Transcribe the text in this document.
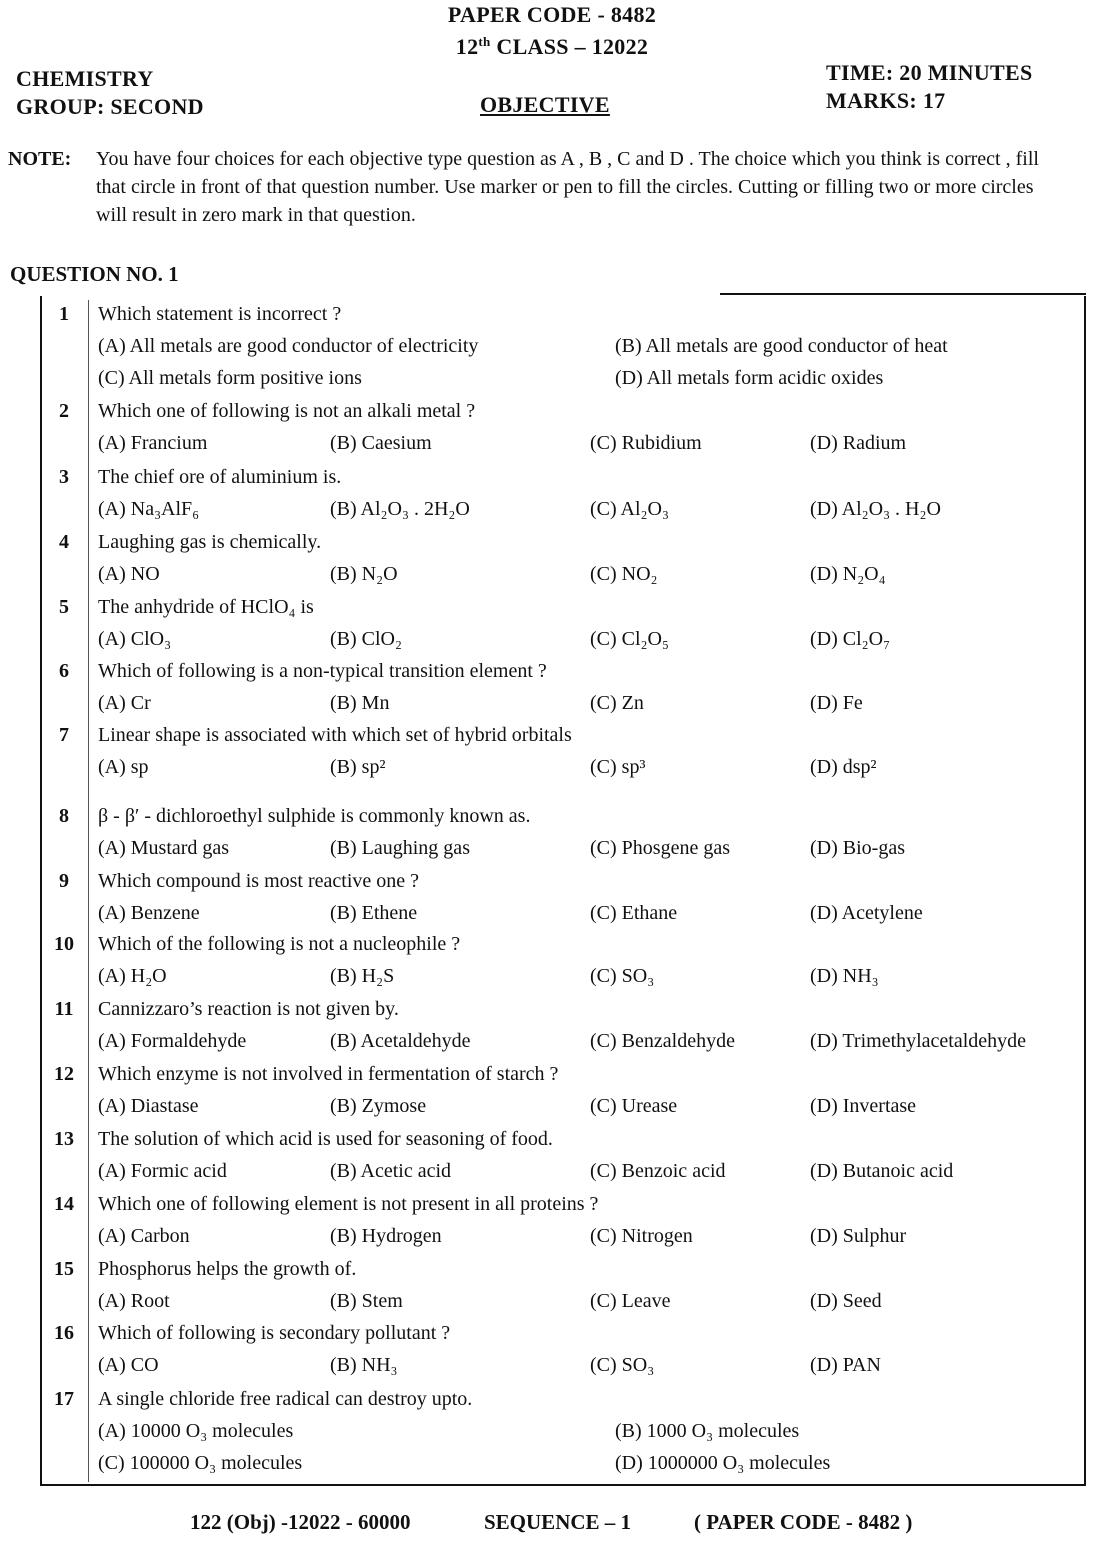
PAPER CODE - 8482
12th CLASS – 12022
CHEMISTRY
GROUP: SECOND	OBJECTIVE
TIME: 20 MINUTES
MARKS: 17
NOTE: You have four choices for each objective type question as A , B , C and D . The choice which you think is correct , fill that circle in front of that question number. Use marker or pen to fill the circles. Cutting or filling two or more circles will result in zero mark in that question.
QUESTION NO. 1
1	Which statement is incorrect ?
(A) All metals are good conductor of electricity	(B) All metals are good conductor of heat
(C) All metals form positive ions	(D) All metals form acidic oxides
2	Which one of following is not an alkali metal ?
(A) Francium	(B) Caesium	(C) Rubidium	(D) Radium
3	The chief ore of aluminium is.
(A) Na₃AlF₆	(B) Al₂O₃ . 2H₂O	(C) Al₂O₃	(D) Al₂O₃ . H₂O
4	Laughing gas is chemically.
(A) NO	(B) N₂O	(C) NO₂	(D) N₂O₄
5	The anhydride of HClO₄ is
(A) ClO₃	(B) ClO₂	(C) Cl₂O₅	(D) Cl₂O₇
6	Which of following is a non-typical transition element ?
(A) Cr	(B) Mn	(C) Zn	(D) Fe
7	Linear shape is associated with which set of hybrid orbitals
(A) sp	(B) sp²	(C) sp³	(D) dsp²
8	β - β′ - dichloroethyl sulphide is commonly known as.
(A) Mustard gas	(B) Laughing gas	(C) Phosgene gas	(D) Bio-gas
9	Which compound is most reactive one ?
(A) Benzene	(B) Ethene	(C) Ethane	(D) Acetylene
10	Which of the following is not a nucleophile ?
(A) H₂O	(B) H₂S	(C) SO₃	(D) NH₃
11	Cannizzaro’s reaction is not given by.
(A) Formaldehyde	(B) Acetaldehyde	(C) Benzaldehyde	(D) Trimethylacetaldehyde
12	Which enzyme is not involved in fermentation of starch ?
(A) Diastase	(B) Zymose	(C) Urease	(D) Invertase
13	The solution of which acid is used for seasoning of food.
(A) Formic acid	(B) Acetic acid	(C) Benzoic acid	(D) Butanoic acid
14	Which one of following element is not present in all proteins ?
(A) Carbon	(B) Hydrogen	(C) Nitrogen	(D) Sulphur
15	Phosphorus helps the growth of.
(A) Root	(B) Stem	(C) Leave	(D) Seed
16	Which of following is secondary pollutant ?
(A) CO	(B) NH₃	(C) SO₃	(D) PAN
17	A single chloride free radical can destroy upto.
(A) 10000 O₃ molecules	(B) 1000 O₃ molecules
(C) 100000 O₃ molecules	(D) 1000000 O₃ molecules
122 (Obj) -12022 - 60000	SEQUENCE – 1	( PAPER CODE - 8482 )
